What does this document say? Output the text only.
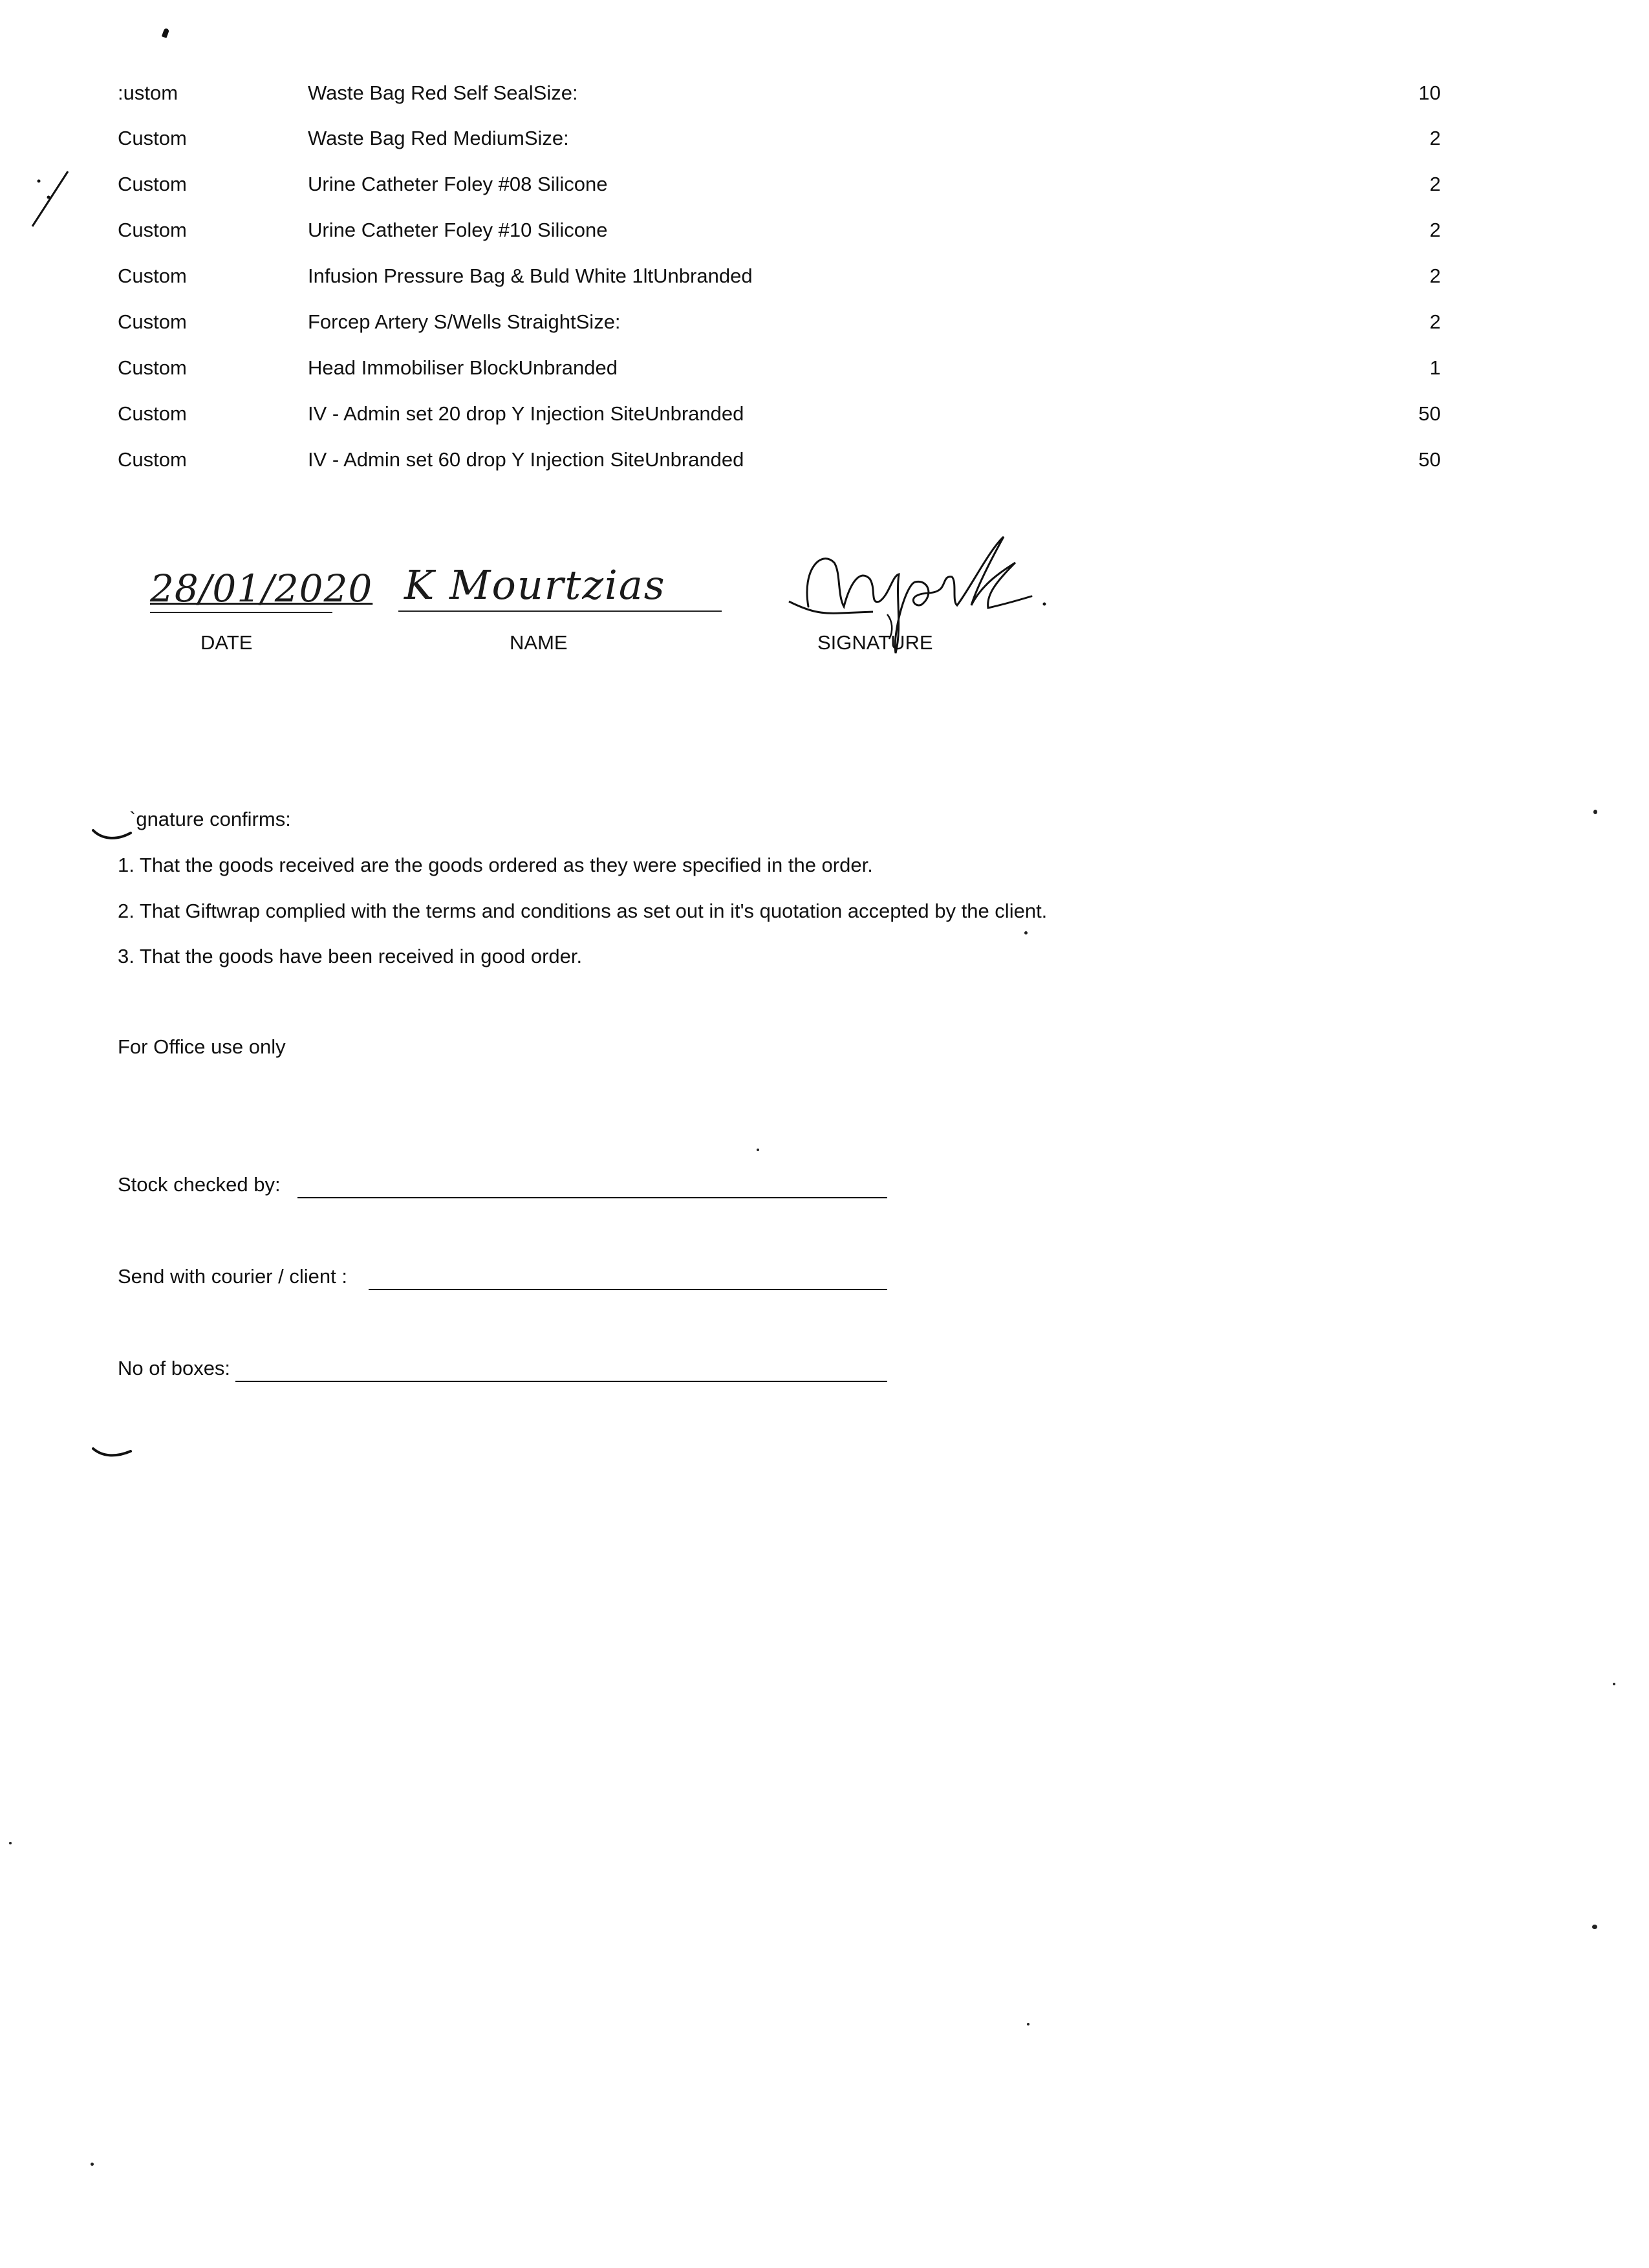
:ustom	Waste Bag Red Self SealSize:	10
Custom	Waste Bag Red MediumSize:	2
Custom	Urine Catheter Foley #08 Silicone	2
Custom	Urine Catheter Foley #10 Silicone	2
Custom	Infusion Pressure Bag & Buld White 1ltUnbranded	2
Custom	Forcep Artery S/Wells StraightSize:	2
Custom	Head Immobiliser BlockUnbranded	1
Custom	IV - Admin set 20 drop Y Injection SiteUnbranded	50
Custom	IV - Admin set 60 drop Y Injection SiteUnbranded	50
28/01/2020
DATE
K Mourtzias
NAME	SIGNATURE
`gnature confirms:
1. That the goods received are the goods ordered as they were specified in the order.
2. That Giftwrap complied with the terms and conditions as set out in it's quotation accepted by the client.
3. That the goods have been received in good order.
For Office use only
Stock checked by:
Send with courier / client :
No of boxes:
